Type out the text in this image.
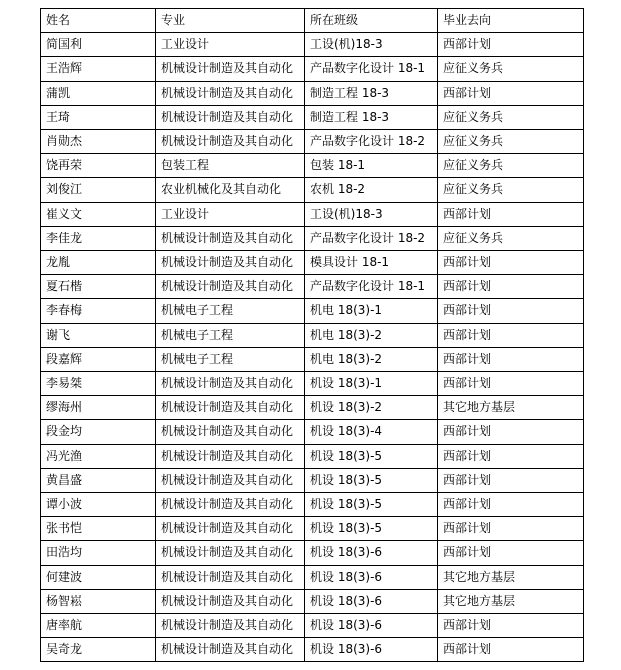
姓名	专业	所在班级	毕业去向
简国利	工业设计	工设(机)18-3	西部计划
王浩辉	机械设计制造及其自动化	产品数字化设计 18-1	应征义务兵
蒲凯	机械设计制造及其自动化	制造工程 18-3	西部计划
王琦	机械设计制造及其自动化	制造工程 18-3	应征义务兵
肖勋杰	机械设计制造及其自动化	产品数字化设计 18-2	应征义务兵
饶再荣	包装工程	包装 18-1	应征义务兵
刘俊江	农业机械化及其自动化	农机 18-2	应征义务兵
崔义文	工业设计	工设(机)18-3	西部计划
李佳龙	机械设计制造及其自动化	产品数字化设计 18-2	应征义务兵
龙胤	机械设计制造及其自动化	模具设计 18-1	西部计划
夏石楷	机械设计制造及其自动化	产品数字化设计 18-1	西部计划
李春梅	机械电子工程	机电 18(3)-1	西部计划
谢飞	机械电子工程	机电 18(3)-2	西部计划
段嘉辉	机械电子工程	机电 18(3)-2	西部计划
李易桀	机械设计制造及其自动化	机设 18(3)-1	西部计划
缪海州	机械设计制造及其自动化	机设 18(3)-2	其它地方基层
段金均	机械设计制造及其自动化	机设 18(3)-4	西部计划
冯光渔	机械设计制造及其自动化	机设 18(3)-5	西部计划
黄昌盛	机械设计制造及其自动化	机设 18(3)-5	西部计划
谭小波	机械设计制造及其自动化	机设 18(3)-5	西部计划
张书恺	机械设计制造及其自动化	机设 18(3)-5	西部计划
田浩均	机械设计制造及其自动化	机设 18(3)-6	西部计划
何建波	机械设计制造及其自动化	机设 18(3)-6	其它地方基层
杨智崧	机械设计制造及其自动化	机设 18(3)-6	其它地方基层
唐率航	机械设计制造及其自动化	机设 18(3)-6	西部计划
吴奇龙	机械设计制造及其自动化	机设 18(3)-6	西部计划
